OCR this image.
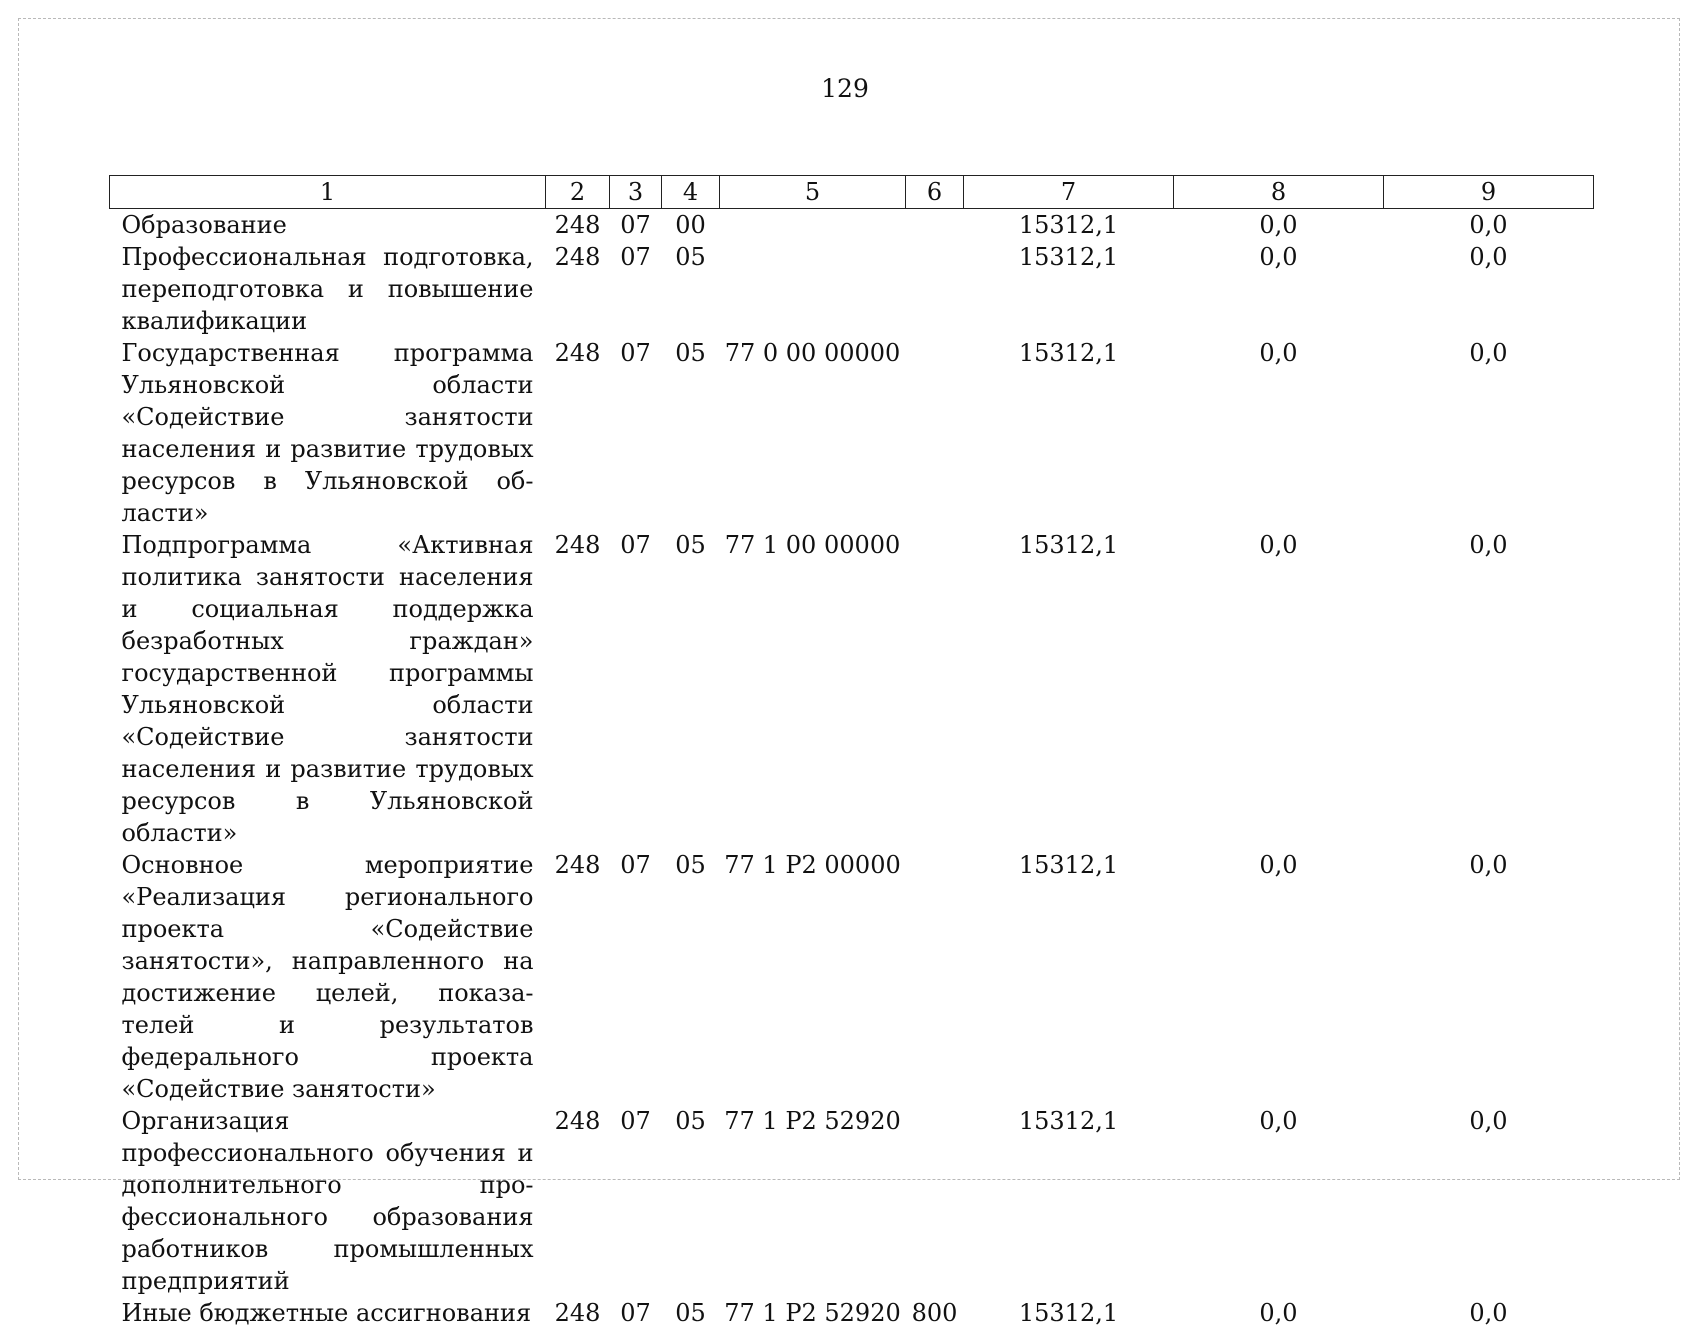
129
1	2	3	4	5	6	7	8	9
Образование	248	07	00			15312,1	0,0	0,0
Профессиональная подготовка, переподготовка и повышение квалификации	248	07	05			15312,1	0,0	0,0
Государственная программа Ульяновской области «Содействие занятости населения и развитие трудовых ресурсов в Ульяновской области»	248	07	05	77 0 00 00000		15312,1	0,0	0,0
Подпрограмма «Активная политика занятости населения и социальная поддержка безработных граждан» государственной программы Ульяновской области «Содействие занятости населения и развитие трудовых ресурсов в Ульяновской области»	248	07	05	77 1 00 00000		15312,1	0,0	0,0
Основное мероприятие «Реализация регионального проекта «Содействие занятости», направленного на достижение целей, показателей и результатов федерального проекта «Содействие занятости»	248	07	05	77 1 P2 00000		15312,1	0,0	0,0
Организация профессионального обучения и дополнительного профессионального образования работников промышленных предприятий	248	07	05	77 1 P2 52920		15312,1	0,0	0,0
Иные бюджетные ассигнования	248	07	05	77 1 P2 52920	800	15312,1	0,0	0,0
